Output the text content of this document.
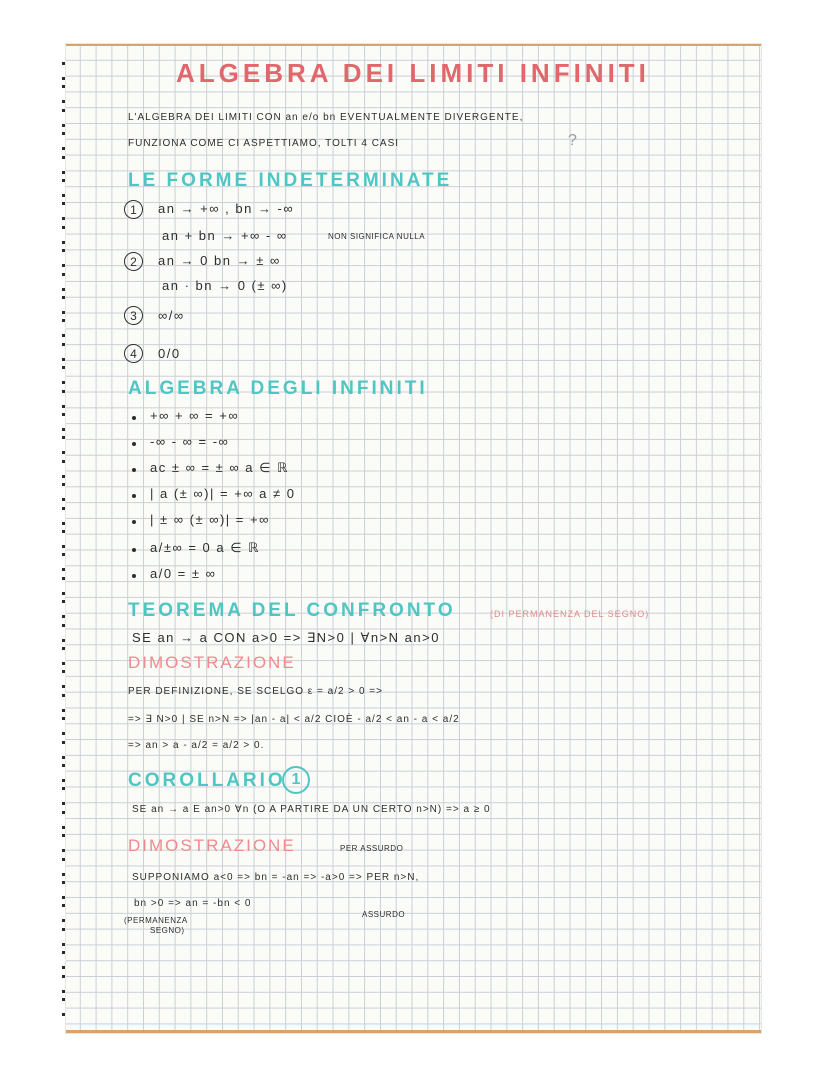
ALGEBRA DEI LIMITI INFINITI
L'ALGEBRA DEI LIMITI CON an e/o bn EVENTUALMENTE DIVERGENTE,
FUNZIONA COME CI ASPETTIAMO, TOLTI 4 CASI	?
LE FORME INDETERMINATE
1	an → +∞ , bn → -∞
an + bn → +∞ - ∞	NON SIGNIFICA NULLA
2	an → 0 bn → ± ∞
an · bn → 0 (± ∞)
3	∞/∞
4	0/0
ALGEBRA DEGLI INFINITI
+∞ + ∞ = +∞
-∞ - ∞ = -∞
ac ± ∞ = ± ∞ a ∈ ℝ
| a (± ∞)| = +∞ a ≠ 0
| ± ∞ (± ∞)| = +∞
a/±∞ = 0 a ∈ ℝ
a/0 = ± ∞
TEOREMA DEL CONFRONTO	(DI PERMANENZA DEL SEGNO)
SE an → a CON a>0 => ∃N>0 | ∀n>N an>0
DIMOSTRAZIONE
PER DEFINIZIONE, SE SCELGO ε = a/2 > 0 =>
=> ∃ N>0 | SE n>N => |an - a| < a/2 CIOÈ - a/2 < an - a < a/2
=> an > a - a/2 = a/2 > 0.
COROLLARIO 1
SE an → a E an>0 ∀n (O A PARTIRE DA UN CERTO n>N) => a ≥ 0
DIMOSTRAZIONE	PER ASSURDO
SUPPONIAMO a<0 => bn = -an => -a>0 => PER n>N,
bn >0 => an = -bn < 0
ASSURDO
(PERMANENZA
SEGNO)
